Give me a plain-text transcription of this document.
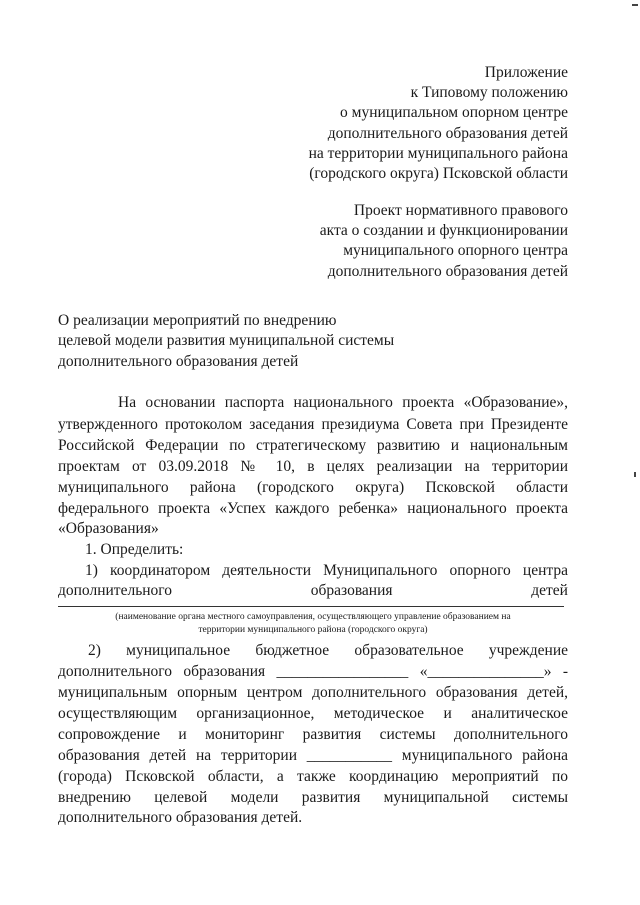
Приложение
к Типовому положению
о муниципальном опорном центре
дополнительного образования детей
на территории муниципального района
(городского округа) Псковской области
Проект нормативного правового
акта о создании и функционировании
муниципального опорного центра
дополнительного образования детей
О реализации мероприятий по внедрению
целевой модели развития муниципальной системы
дополнительного образования детей
На основании паспорта национального проекта «Образование»,
утвержденного протоколом заседания президиума Совета при Президенте
Российской Федерации по стратегическому развитию и национальным
проектам от 03.09.2018 № 10, в целях реализации на территории
муниципального района (городского округа) Псковской области
федерального проекта «Успех каждого ребенка» национального проекта
«Образования»
1. Определить:
1) координатором деятельности Муниципального опорного центра
дополнительного	образования	детей
(наименование органа местного самоуправления, осуществляющего управление образованием на
территории муниципального района (городского округа)
2) муниципальное бюджетное образовательное учреждение
дополнительного образования _________________ «_______________» -
муниципальным опорным центром дополнительного образования детей,
осуществляющим организационное, методическое и аналитическое
сопровождение и мониторинг развития системы дополнительного
образования детей на территории ___________ муниципального района
(города) Псковской области, а также координацию мероприятий по
внедрению целевой модели развития муниципальной системы
дополнительного образования детей.
